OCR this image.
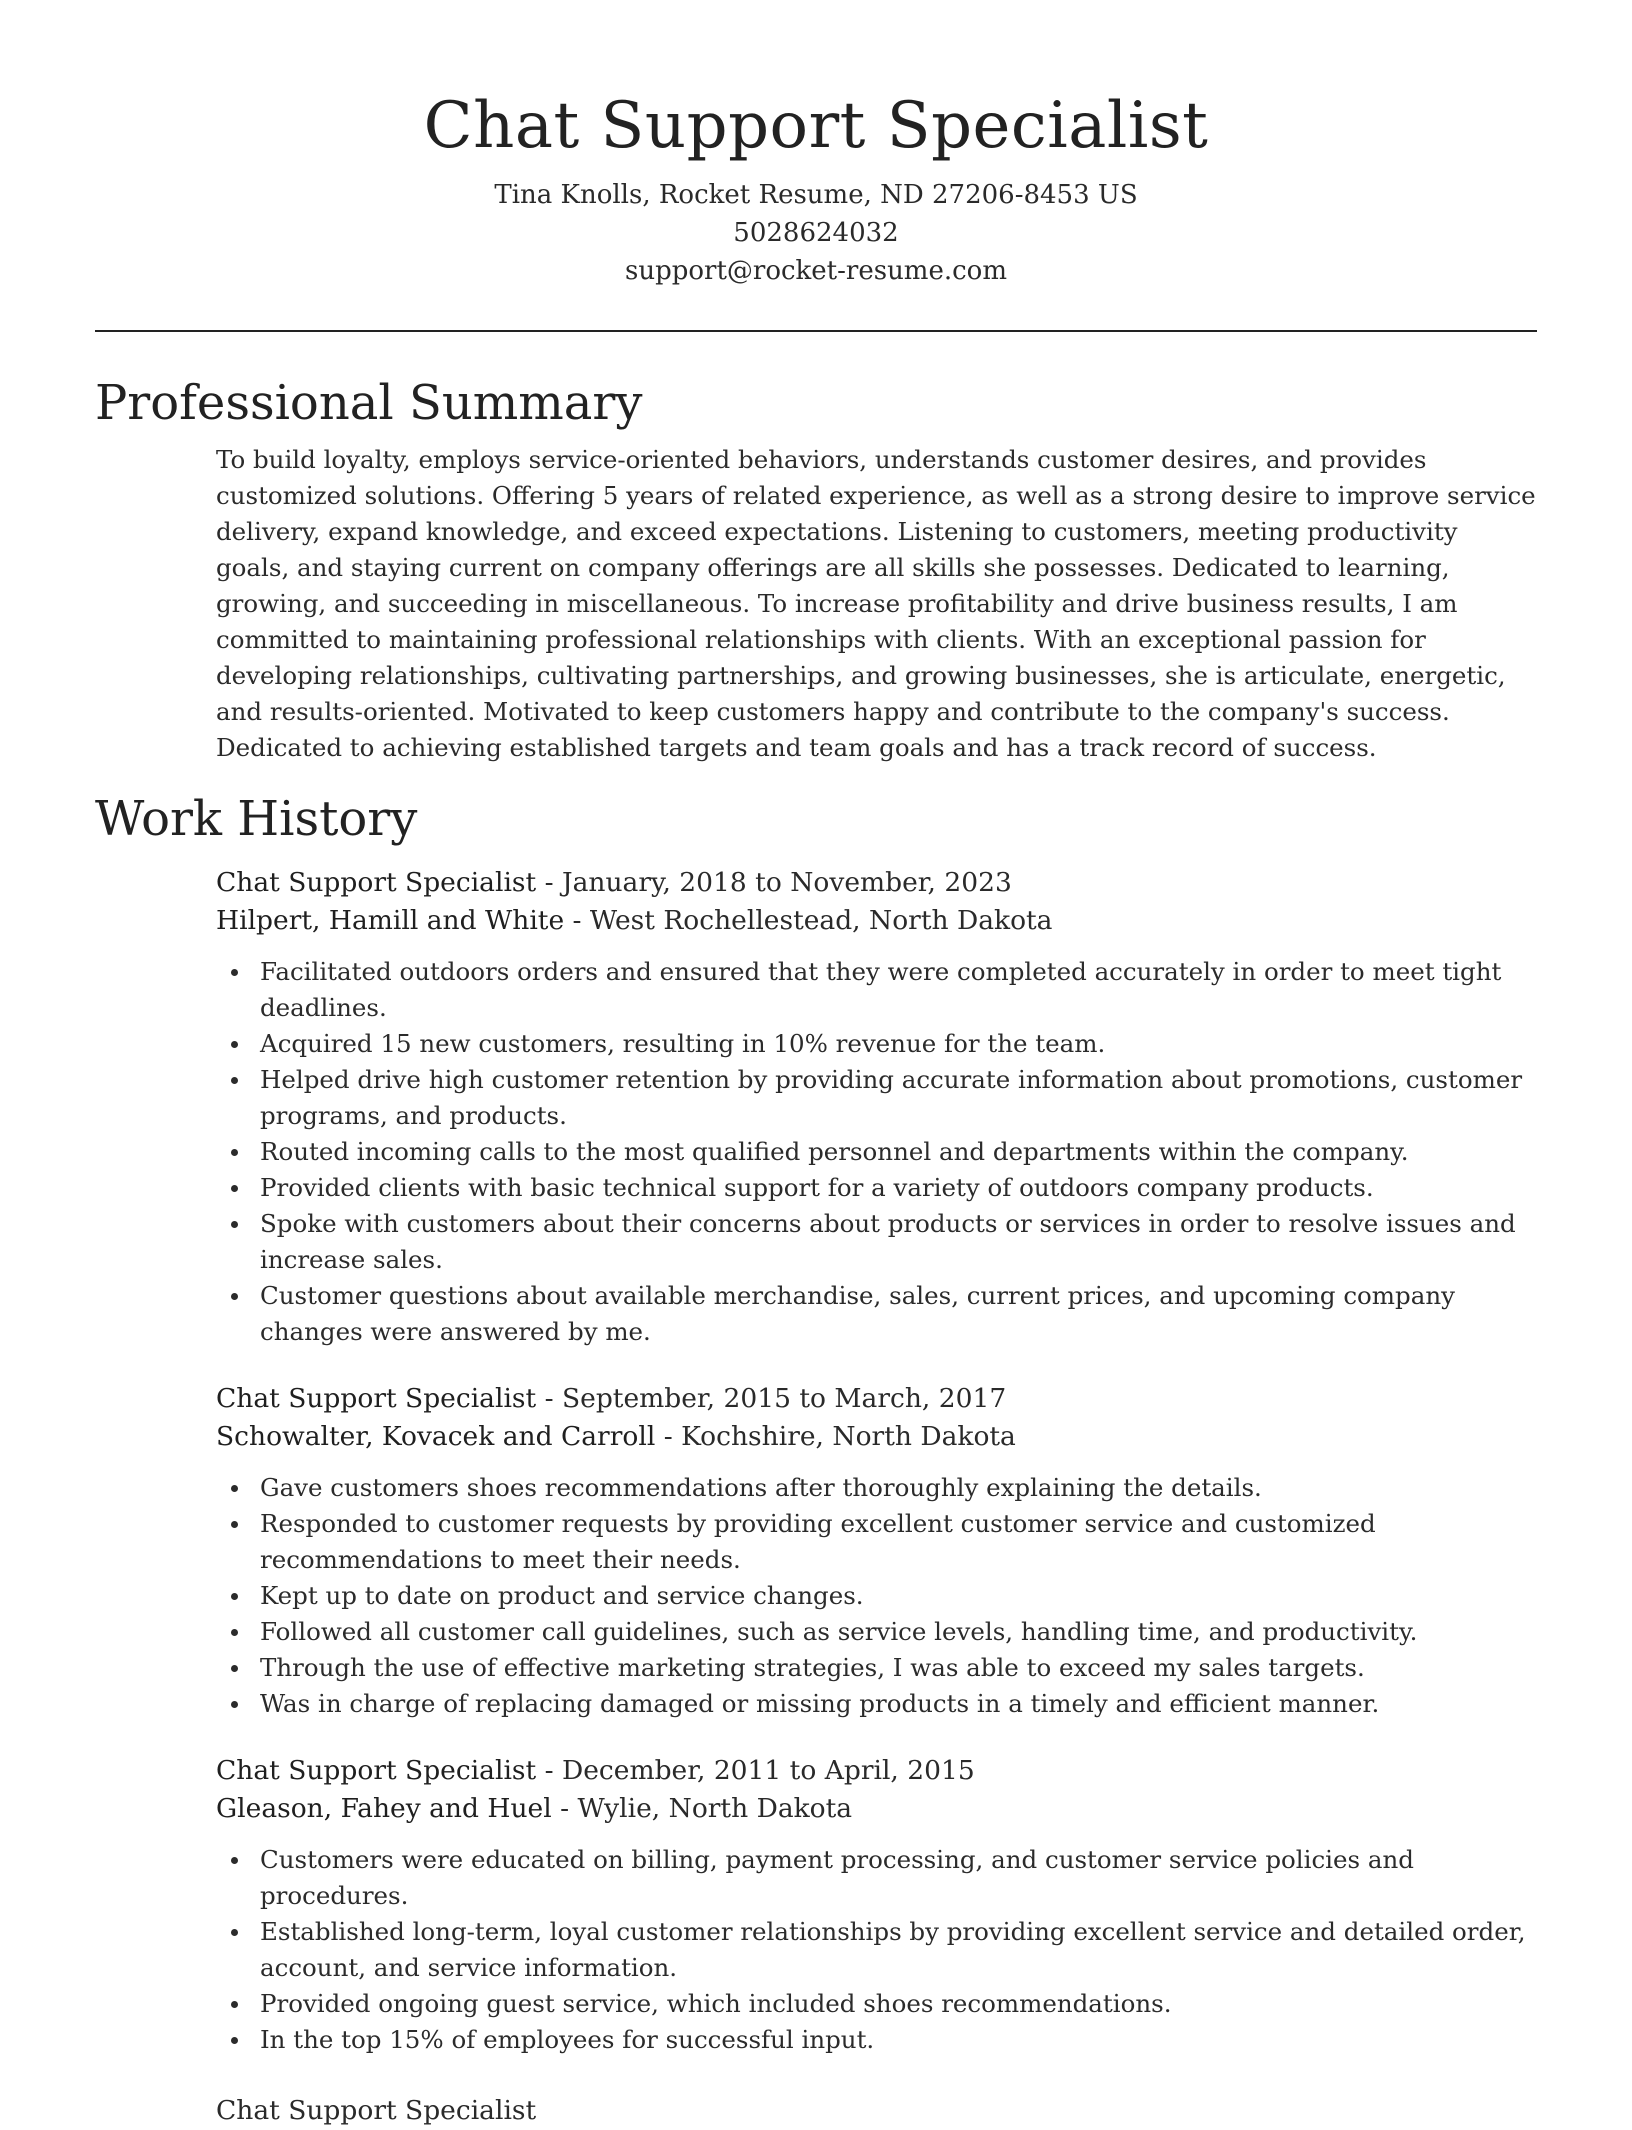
Chat Support Specialist

Tina Knolls, Rocket Resume, ND 27206-8453 US

5028624032

support@rocket-resume.com

Professional Summary

To build loyalty, employs service-oriented behaviors, understands customer desires, and provides customized solutions. Offering 5 years of related experience, as well as a strong desire to improve service delivery, expand knowledge, and exceed expectations. Listening to customers, meeting productivity goals, and staying current on company offerings are all skills she possesses. Dedicated to learning, growing, and succeeding in miscellaneous. To increase profitability and drive business results, I am committed to maintaining professional relationships with clients. With an exceptional passion for developing relationships, cultivating partnerships, and growing businesses, she is articulate, energetic, and results-oriented. Motivated to keep customers happy and contribute to the company's success. Dedicated to achieving established targets and team goals and has a track record of success.

Work History

Chat Support Specialist - January, 2018 to November, 2023

Hilpert, Hamill and White - West Rochellestead, North Dakota

Facilitated outdoors orders and ensured that they were completed accurately in order to meet tight deadlines.
Acquired 15 new customers, resulting in 10% revenue for the team.
Helped drive high customer retention by providing accurate information about promotions, customer programs, and products.
Routed incoming calls to the most qualified personnel and departments within the company.
Provided clients with basic technical support for a variety of outdoors company products.
Spoke with customers about their concerns about products or services in order to resolve issues and increase sales.
Customer questions about available merchandise, sales, current prices, and upcoming company changes were answered by me.

Chat Support Specialist - September, 2015 to March, 2017

Schowalter, Kovacek and Carroll - Kochshire, North Dakota

Gave customers shoes recommendations after thoroughly explaining the details.
Responded to customer requests by providing excellent customer service and customized recommendations to meet their needs.
Kept up to date on product and service changes.
Followed all customer call guidelines, such as service levels, handling time, and productivity.
Through the use of effective marketing strategies, I was able to exceed my sales targets.
Was in charge of replacing damaged or missing products in a timely and efficient manner.

Chat Support Specialist - December, 2011 to April, 2015

Gleason, Fahey and Huel - Wylie, North Dakota

Customers were educated on billing, payment processing, and customer service policies and procedures.
Established long-term, loyal customer relationships by providing excellent service and detailed order, account, and service information.
Provided ongoing guest service, which included shoes recommendations.
In the top 15% of employees for successful input.
Chat Support Specialist
